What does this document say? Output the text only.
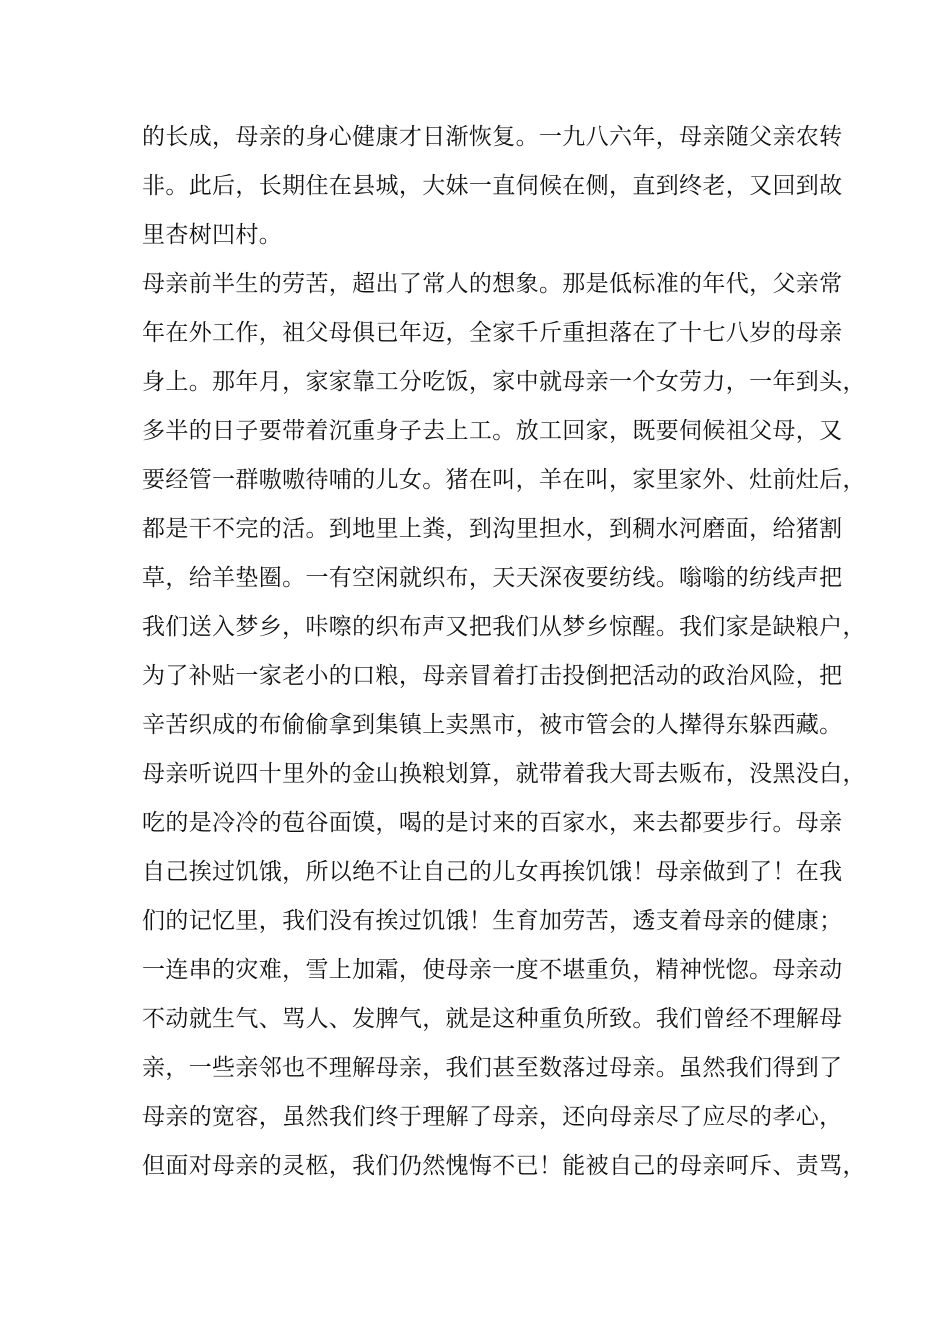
的长成，母亲的身心健康才日渐恢复。一九八六年，母亲随父亲农转
非。此后，长期住在县城，大妹一直伺候在侧，直到终老，又回到故
里杏树凹村。
母亲前半生的劳苦，超出了常人的想象。那是低标准的年代，父亲常
年在外工作，祖父母俱已年迈，全家千斤重担落在了十七八岁的母亲
身上。那年月，家家靠工分吃饭，家中就母亲一个女劳力，一年到头，
多半的日子要带着沉重身子去上工。放工回家，既要伺候祖父母，又
要经管一群嗷嗷待哺的儿女。猪在叫，羊在叫，家里家外、灶前灶后，
都是干不完的活。到地里上粪，到沟里担水，到稠水河磨面，给猪割
草，给羊垫圈。一有空闲就织布，天天深夜要纺线。嗡嗡的纺线声把
我们送入梦乡，咔嚓的织布声又把我们从梦乡惊醒。我们家是缺粮户，
为了补贴一家老小的口粮，母亲冒着打击投倒把活动的政治风险，把
辛苦织成的布偷偷拿到集镇上卖黑市，被市管会的人撵得东躲西藏。
母亲听说四十里外的金山换粮划算，就带着我大哥去贩布，没黑没白，
吃的是冷冷的苞谷面馍，喝的是讨来的百家水，来去都要步行。母亲
自己挨过饥饿，所以绝不让自己的儿女再挨饥饿！母亲做到了！在我
们的记忆里，我们没有挨过饥饿！生育加劳苦，透支着母亲的健康；
一连串的灾难，雪上加霜，使母亲一度不堪重负，精神恍惚。母亲动
不动就生气、骂人、发脾气，就是这种重负所致。我们曾经不理解母
亲，一些亲邻也不理解母亲，我们甚至数落过母亲。虽然我们得到了
母亲的宽容，虽然我们终于理解了母亲，还向母亲尽了应尽的孝心，
但面对母亲的灵柩，我们仍然愧悔不已！能被自己的母亲呵斥、责骂，
